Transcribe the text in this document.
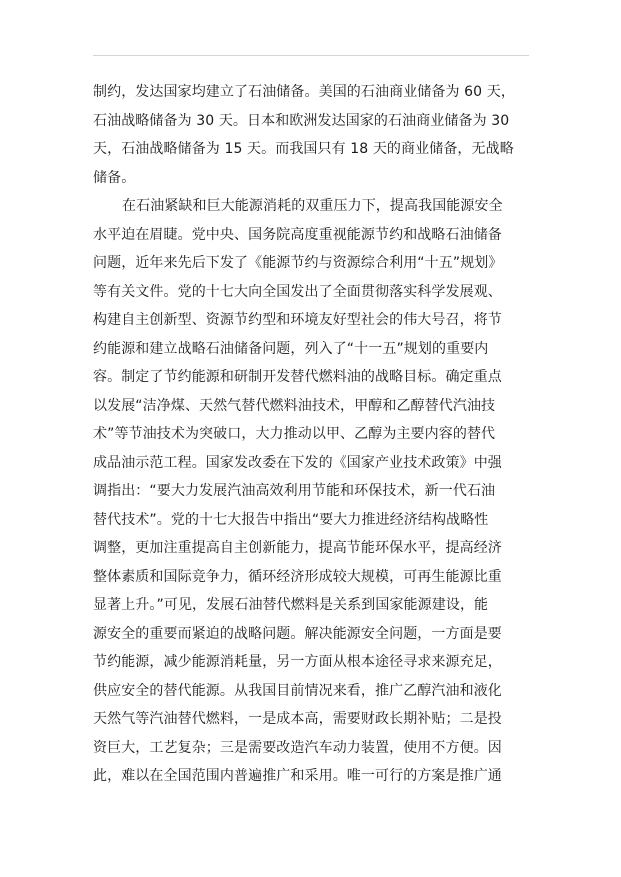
制约，发达国家均建立了石油储备。美国的石油商业储备为 60 天，
石油战略储备为 30 天。日本和欧洲发达国家的石油商业储备为 30
天，石油战略储备为 15 天。而我国只有 18 天的商业储备，无战略
储备。
在石油紧缺和巨大能源消耗的双重压力下，提高我国能源安全
水平迫在眉睫。党中央、国务院高度重视能源节约和战略石油储备
问题，近年来先后下发了《能源节约与资源综合利用“十五”规划》
等有关文件。党的十七大向全国发出了全面贯彻落实科学发展观、
构建自主创新型、资源节约型和环境友好型社会的伟大号召，将节
约能源和建立战略石油储备问题，列入了“十一五”规划的重要内
容。制定了节约能源和研制开发替代燃料油的战略目标。确定重点
以发展“洁净煤、天然气替代燃料油技术，甲醇和乙醇替代汽油技
术”等节油技术为突破口，大力推动以甲、乙醇为主要内容的替代
成品油示范工程。国家发改委在下发的《国家产业技术政策》中强
调指出：“要大力发展汽油高效利用节能和环保技术，新一代石油
替代技术”。党的十七大报告中指出“要大力推进经济结构战略性
调整，更加注重提高自主创新能力，提高节能环保水平，提高经济
整体素质和国际竞争力，循环经济形成较大规模，可再生能源比重
显著上升。”可见，发展石油替代燃料是关系到国家能源建设，能
源安全的重要而紧迫的战略问题。解决能源安全问题，一方面是要
节约能源，减少能源消耗量，另一方面从根本途径寻求来源充足，
供应安全的替代能源。从我国目前情况来看，推广乙醇汽油和液化
天然气等汽油替代燃料，一是成本高，需要财政长期补贴；二是投
资巨大，工艺复杂；三是需要改造汽车动力装置，使用不方便。因
此，难以在全国范围内普遍推广和采用。唯一可行的方案是推广通
